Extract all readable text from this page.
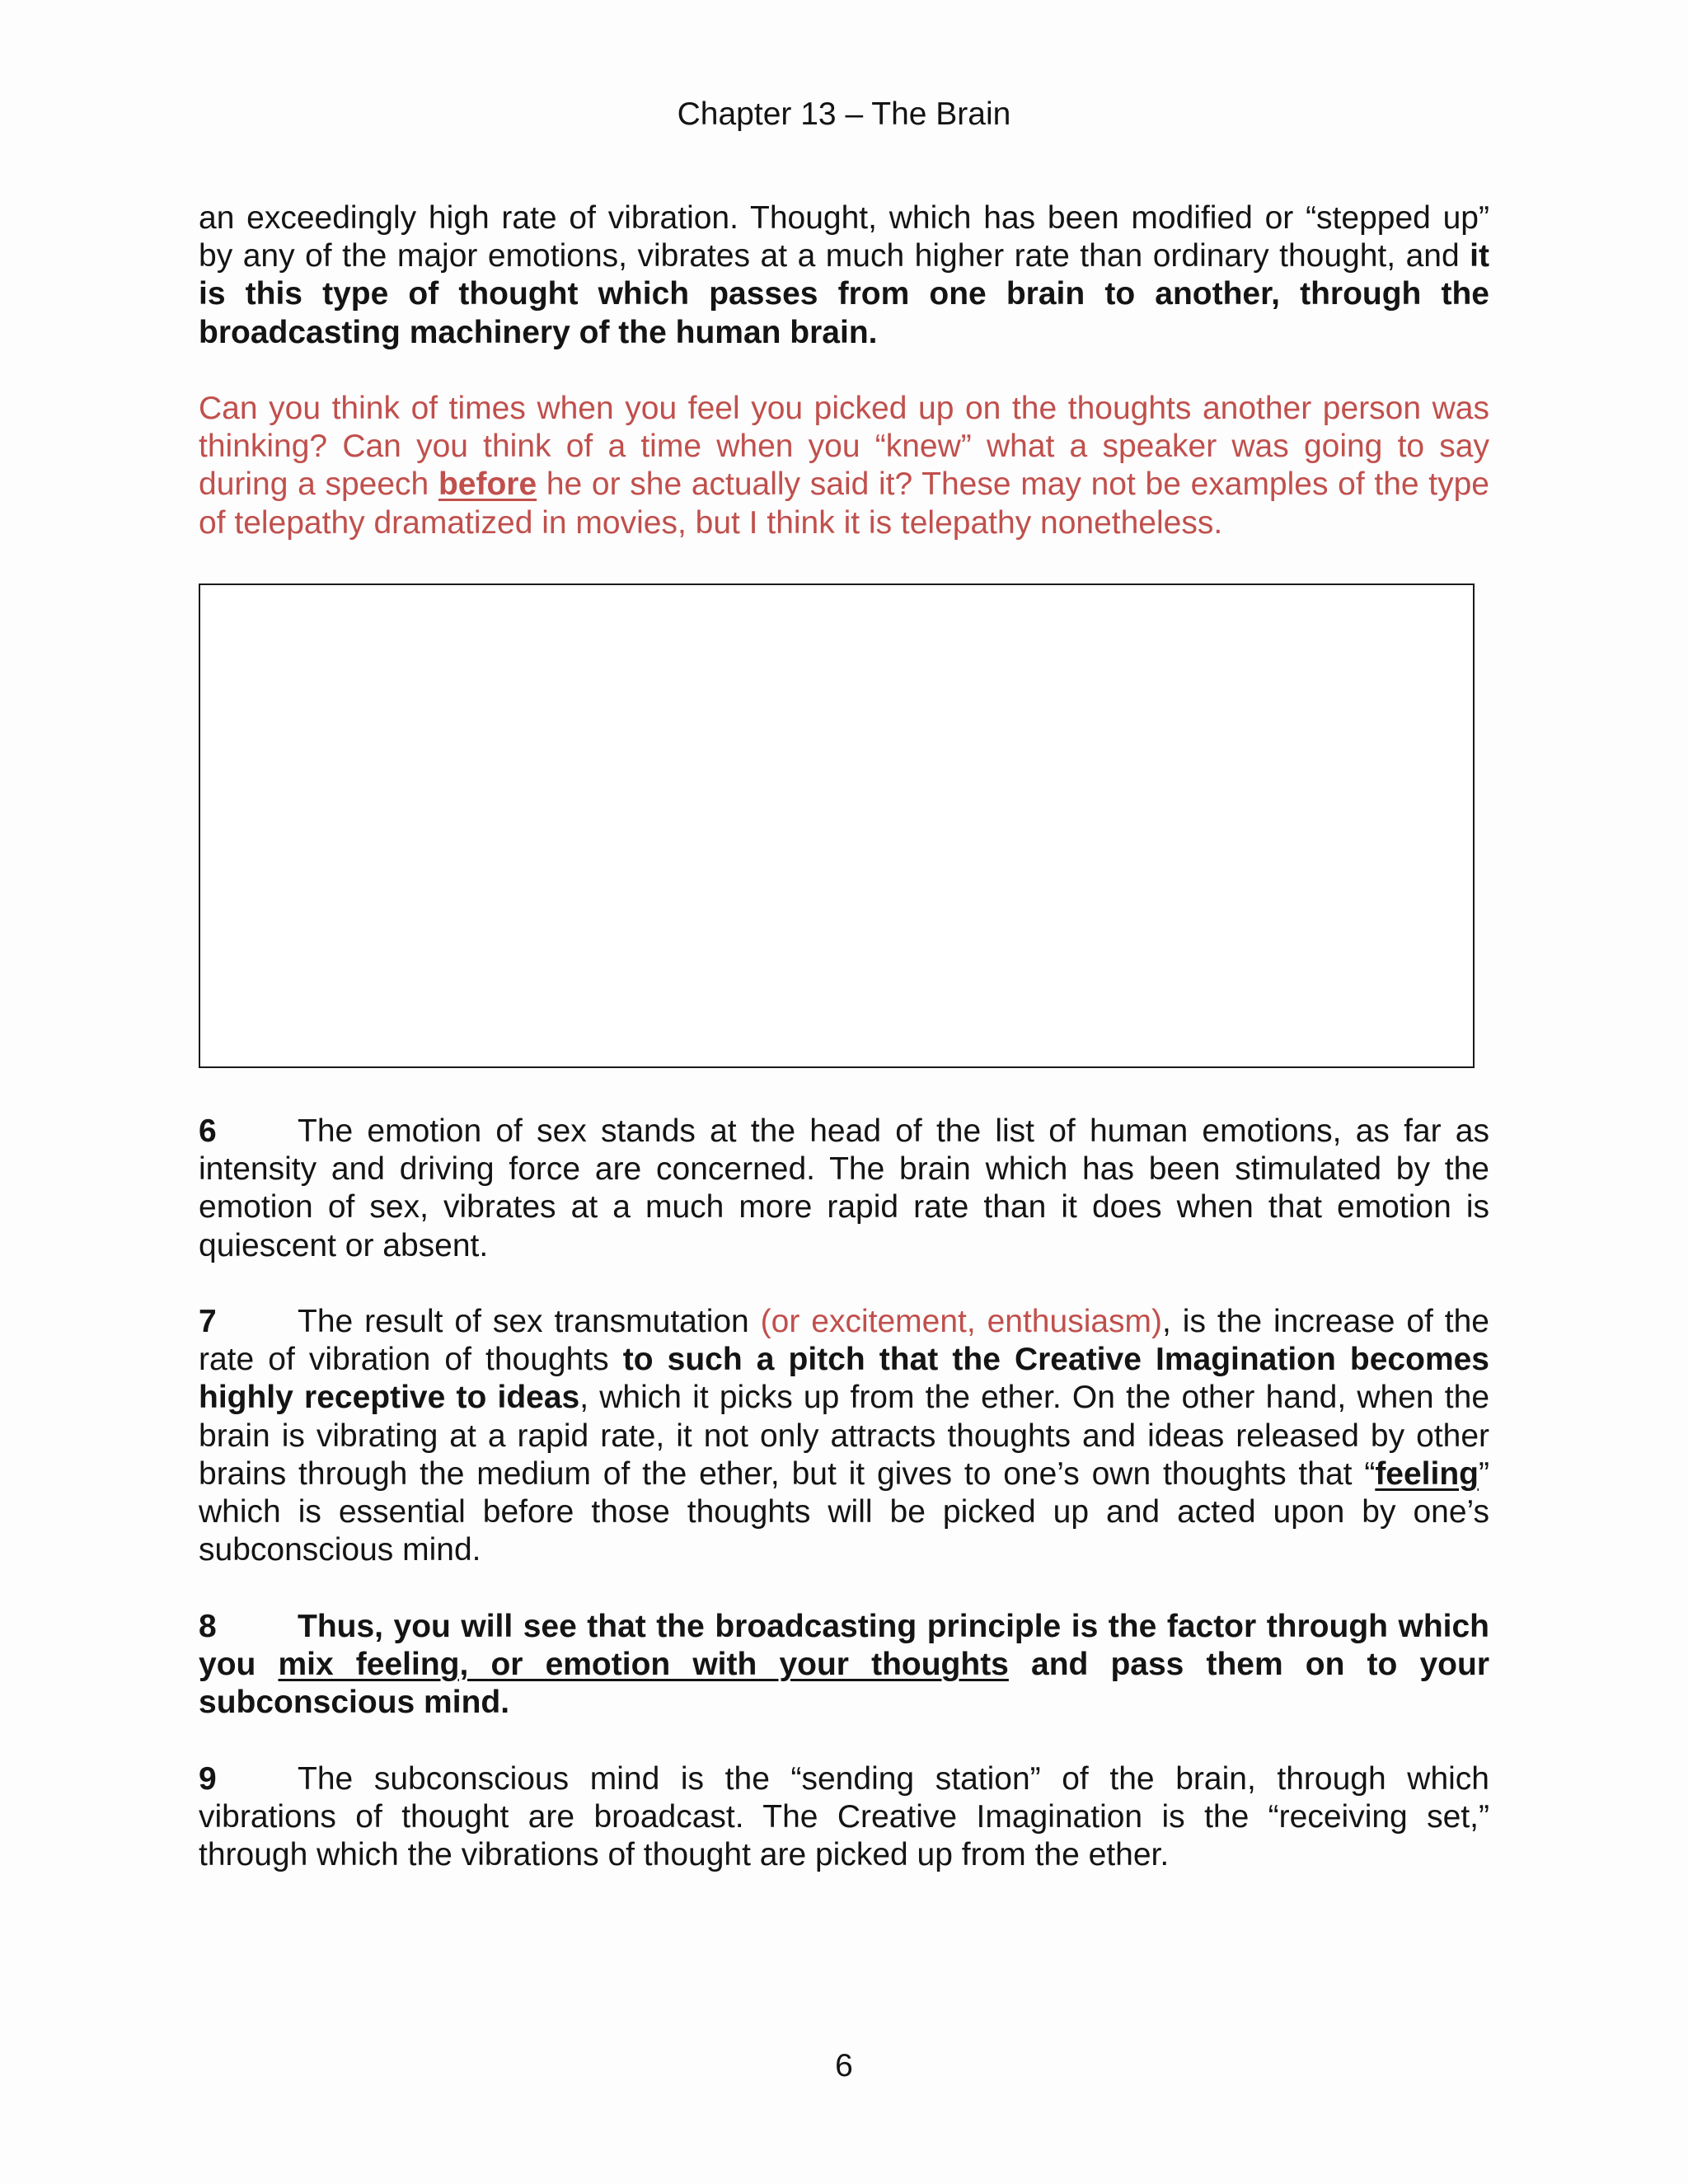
Chapter 13 – The Brain

an exceedingly high rate of vibration. Thought, which has been modified or “stepped up” by any of the major emotions, vibrates at a much higher rate than ordinary thought, and it is this type of thought which passes from one brain to another, through the broadcasting machinery of the human brain.

Can you think of times when you feel you picked up on the thoughts another person was thinking? Can you think of a time when you “knew” what a speaker was going to say during a speech before he or she actually said it? These may not be examples of the type of telepathy dramatized in movies, but I think it is telepathy nonetheless.

6	The emotion of sex stands at the head of the list of human emotions, as far as intensity and driving force are concerned. The brain which has been stimulated by the emotion of sex, vibrates at a much more rapid rate than it does when that emotion is quiescent or absent.

7	The result of sex transmutation (or excitement, enthusiasm), is the increase of the rate of vibration of thoughts to such a pitch that the Creative Imagination becomes highly receptive to ideas, which it picks up from the ether. On the other hand, when the brain is vibrating at a rapid rate, it not only attracts thoughts and ideas released by other brains through the medium of the ether, but it gives to one’s own thoughts that “feeling” which is essential before those thoughts will be picked up and acted upon by one’s subconscious mind.

8	Thus, you will see that the broadcasting principle is the factor through which you mix feeling, or emotion with your thoughts and pass them on to your subconscious mind.

9	The subconscious mind is the “sending station” of the brain, through which vibrations of thought are broadcast. The Creative Imagination is the “receiving set,” through which the vibrations of thought are picked up from the ether.

6
